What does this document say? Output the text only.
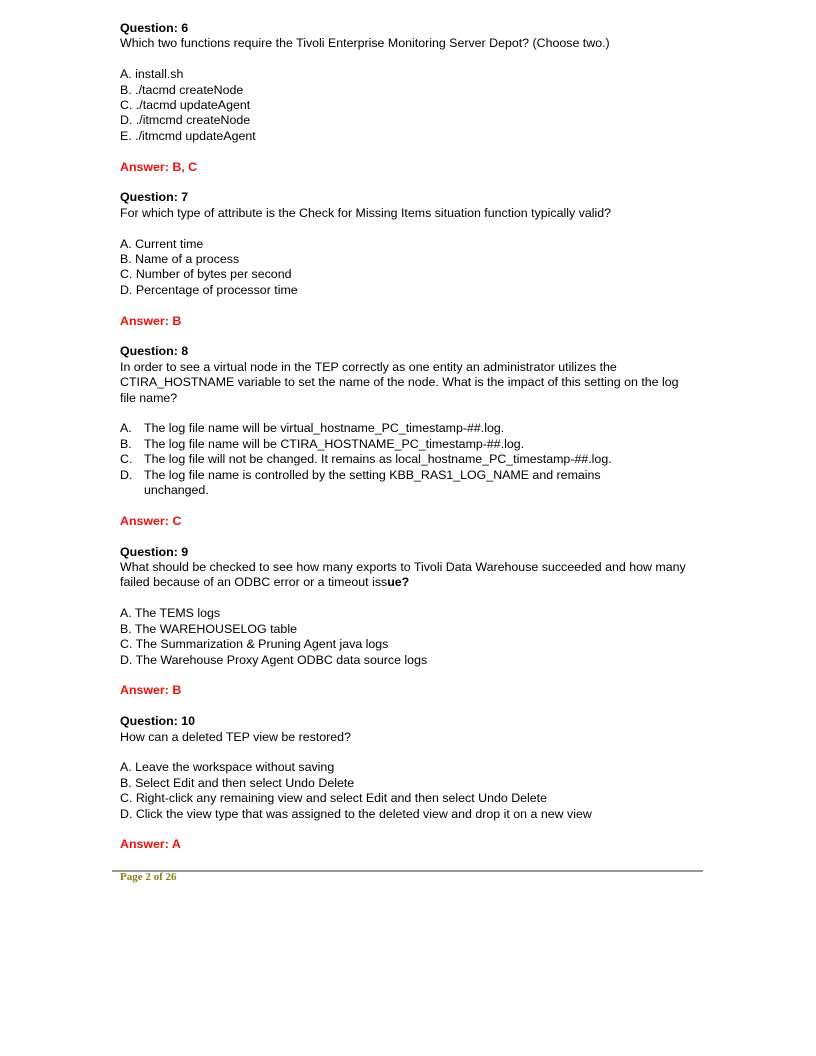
Question: 6
Which two functions require the Tivoli Enterprise Monitoring Server Depot? (Choose two.)
A. install.sh
B. ./tacmd createNode
C. ./tacmd updateAgent
D. ./itmcmd createNode
E. ./itmcmd updateAgent
Answer: B, C
Question: 7
For which type of attribute is the Check for Missing Items situation function typically valid?
A. Current time
B. Name of a process
C. Number of bytes per second
D. Percentage of processor time
Answer: B
Question: 8
In order to see a virtual node in the TEP correctly as one entity an administrator utilizes the CTIRA_HOSTNAME variable to set the name of the node. What is the impact of this setting on the log file name?
A. The log file name will be virtual_hostname_PC_timestamp-##.log.
B. The log file name will be CTIRA_HOSTNAME_PC_timestamp-##.log.
C. The log file will not be changed. It remains as local_hostname_PC_timestamp-##.log.
D. The log file name is controlled by the setting KBB_RAS1_LOG_NAME and remains unchanged.
Answer: C
Question: 9
What should be checked to see how many exports to Tivoli Data Warehouse succeeded and how many failed because of an ODBC error or a timeout issue?
A. The TEMS logs
B. The WAREHOUSELOG table
C. The Summarization & Pruning Agent java logs
D. The Warehouse Proxy Agent ODBC data source logs
Answer: B
Question: 10
How can a deleted TEP view be restored?
A. Leave the workspace without saving
B. Select Edit and then select Undo Delete
C. Right-click any remaining view and select Edit and then select Undo Delete
D. Click the view type that was assigned to the deleted view and drop it on a new view
Answer: A
Page 2 of 26
